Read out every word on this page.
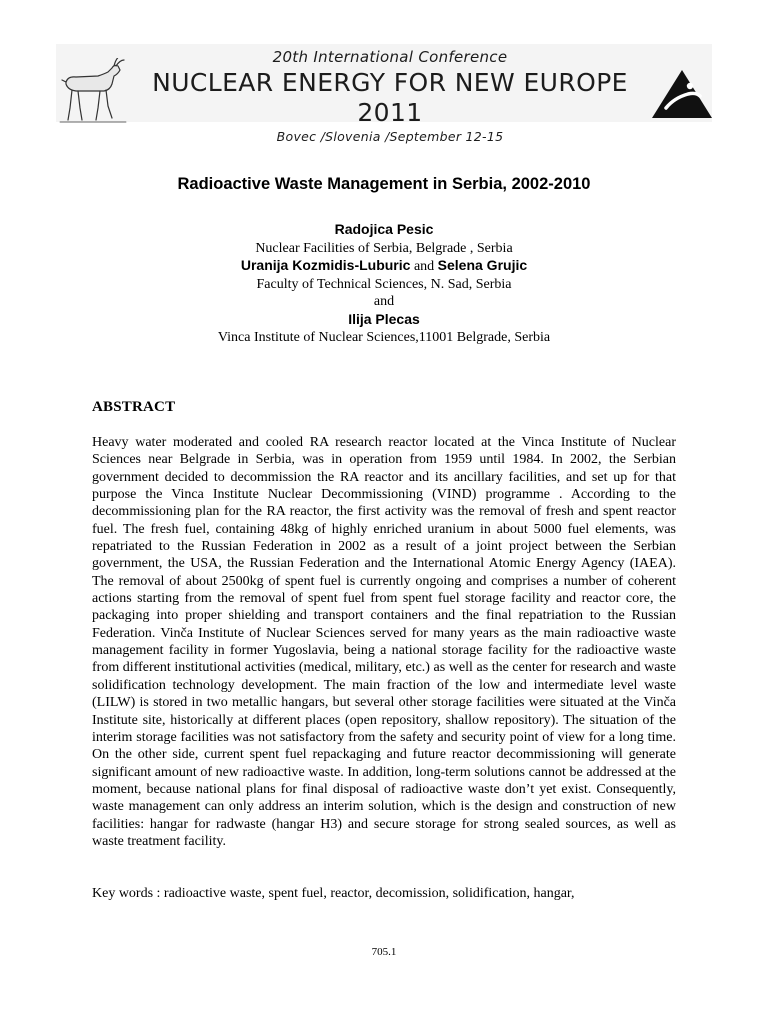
20th International Conference
NUCLEAR ENERGY FOR NEW EUROPE 2011
Bovec /Slovenia /September 12-15
Radioactive Waste Management in Serbia, 2002-2010
Radojica Pesic
Nuclear Facilities of Serbia, Belgrade , Serbia
Uranija Kozmidis-Luburic and Selena Grujic
Faculty of Technical Sciences, N. Sad, Serbia
and
Ilija Plecas
Vinca Institute of Nuclear Sciences,11001 Belgrade, Serbia
ABSTRACT

Heavy water moderated and cooled RA research reactor located at the Vinca Institute of Nuclear Sciences near Belgrade in Serbia, was in operation from 1959 until 1984. In 2002, the Serbian government decided to decommission the RA reactor and its ancillary facilities, and set up for that purpose the Vinca Institute Nuclear Decommissioning (VIND) programme . According to the decommissioning plan for the RA reactor, the first activity was the removal of fresh and spent reactor fuel. The fresh fuel, containing 48kg of highly enriched uranium in about 5000 fuel elements, was repatriated to the Russian Federation in 2002 as a result of a joint project between the Serbian government, the USA, the Russian Federation and the International Atomic Energy Agency (IAEA). The removal of about 2500kg of spent fuel is currently ongoing and comprises a number of coherent actions starting from the removal of spent fuel from spent fuel storage facility and reactor core, the packaging into proper shielding and transport containers and the final repatriation to the Russian Federation. Vinča Institute of Nuclear Sciences served for many years as the main radioactive waste management facility in former Yugoslavia, being a national storage facility for the radioactive waste from different institutional activities (medical, military, etc.) as well as the center for research and waste solidification technology development. The main fraction of the low and intermediate level waste (LILW) is stored in two metallic hangars, but several other storage facilities were situated at the Vinča Institute site, historically at different places (open repository, shallow repository). The situation of the interim storage facilities was not satisfactory from the safety and security point of view for a long time. On the other side, current spent fuel repackaging and future reactor decommissioning will generate significant amount of new radioactive waste. In addition, long-term solutions cannot be addressed at the moment, because national plans for final disposal of radioactive waste don’t yet exist. Consequently, waste management can only address an interim solution, which is the design and construction of new facilities: hangar for radwaste (hangar H3) and secure storage for strong sealed sources, as well as waste treatment facility.

Key words : radioactive waste, spent fuel, reactor, decomission, solidification, hangar,

705.1
